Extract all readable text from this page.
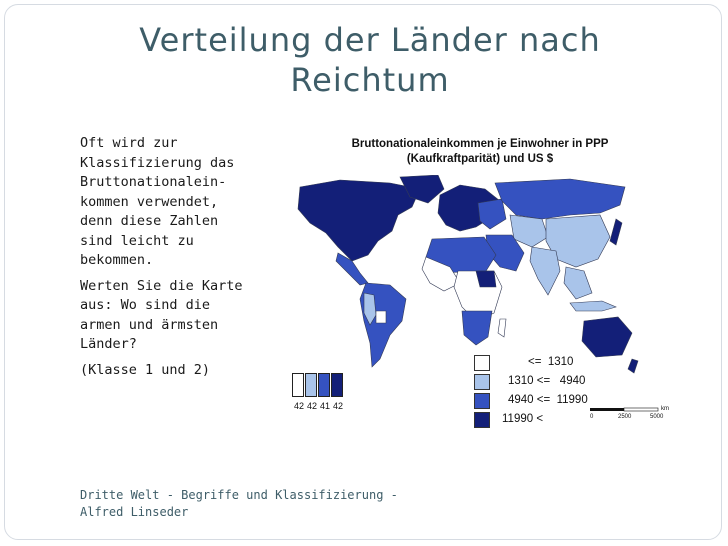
Verteilung der Länder nach Reichtum

Oft wird zur
Klassifizierung das
Bruttonationalein-
kommen verwendet,
denn diese Zahlen
sind leicht zu
bekommen.

Werten Sie die Karte
aus: Wo sind die
armen und ärmsten
Länder?

(Klasse 1 und 2)

Bruttonationaleinkommen je Einwohner in PPP
(Kaufkraftparität) und US $
42 42 41 42
<=  1310
1310 <=   4940
4940 <=  11990
11990 <	0	2500	5000
km
Dritte Welt - Begriffe und Klassifizierung -
Alfred Linseder
